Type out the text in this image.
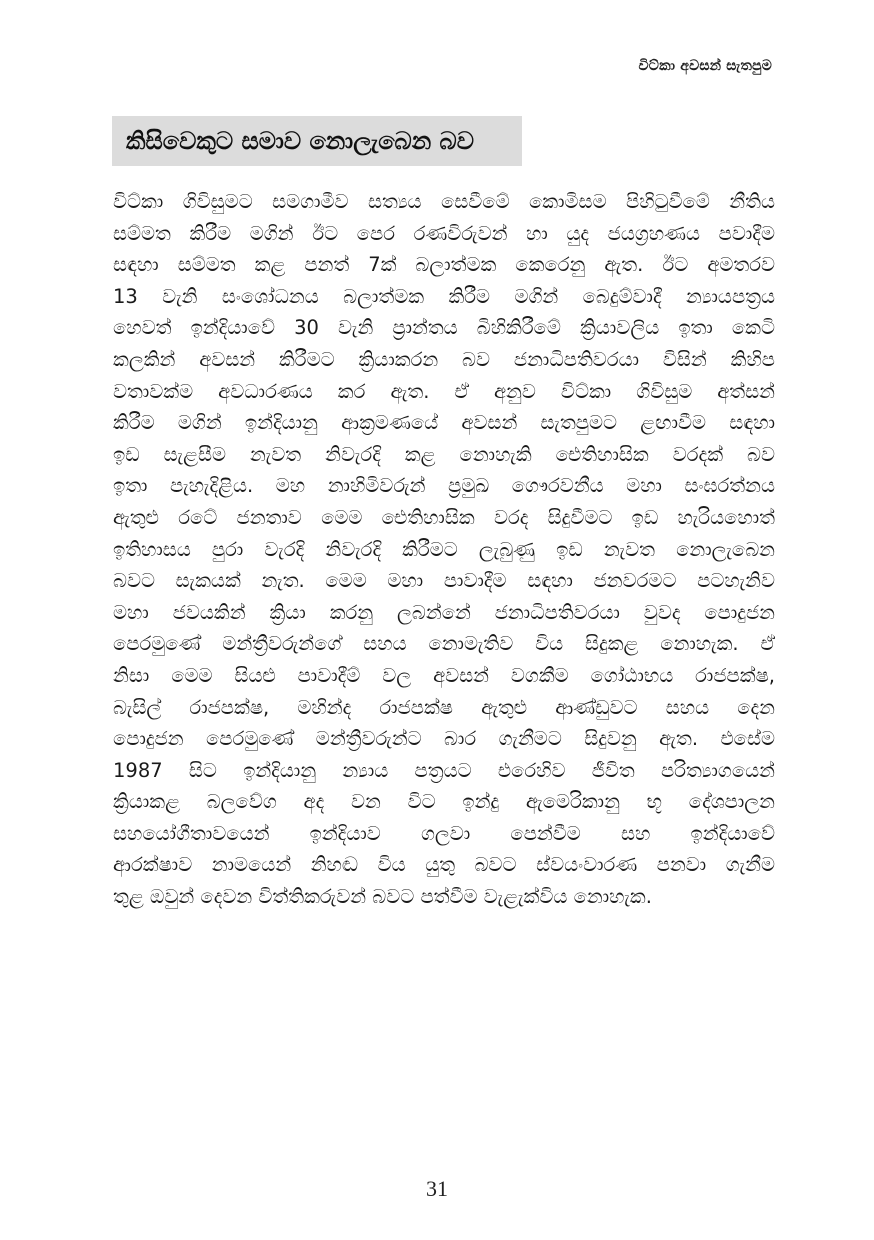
විට්කා අවසන් සැතපුම
කිසිවෙකුට සමාව නොලැබෙන බව
විට්කා ගිවිසුමට සමගාමීව සත්‍යය සෙවීමේ කොමිසම පිහිටුවීමේ නීතිය
සම්මත කිරීම මගින් ඊට පෙර රණවිරුවන් හා යුද ජයග්‍රහණය පවාදීම
සඳහා සම්මත කළ පනත් 7ක් බලාත්මක කෙරෙනු ඇත. ඊට අමතරව
13 වැනි සංශෝධනය බලාත්මක කිරීම මගින් බෙදුම්වාදී න්‍යායපත්‍රය
හෙවත් ඉන්දියාවේ 30 වැනි ප්‍රාන්තය බිහිකිරීමේ ක්‍රියාවලිය ඉතා කෙටි
කලකින් අවසන් කිරීමට ක්‍රියාකරන බව ජනාධිපතිවරයා විසින් කිහිප
වතාවක්ම අවධාරණය කර ඇත. ඒ අනුව විට්කා ගිවිසුම අත්සන්
කිරීම මගින් ඉන්දියානු ආක්‍රමණයේ අවසන් සැතපුමට ළඟාවීම සඳහා
ඉඩ සැළසීම නැවත නිවැරදි කළ නොහැකි ඓතිහාසික වරදක් බව
ඉතා පැහැදිළිය. මහ නාහිමිවරුන් ප්‍රමුඛ ගෞරවනීය මහා සංඝරත්නය
ඇතුළු රටේ ජනතාව මෙම ඓතිහාසික වරද සිදුවීමට ඉඩ හැරියහොත්
ඉතිහාසය පුරා වැරදි නිවැරදි කිරීමට ලැබුණු ඉඩ නැවත නොලැබෙන
බවට සැකයක් නැත. මෙම මහා පාවාදීම සඳහා ජනවරමට පටහැනිව
මහා ජවයකින් ක්‍රියා කරනු ලබන්නේ ජනාධිපතිවරයා වුවද පොදුජන
පෙරමුණේ මන්ත්‍රීවරුන්ගේ සහය නොමැතිව විය සිදුකළ නොහැක. ඒ
නිසා මෙම සියළු පාවාදීම් වල අවසන් වගකීම ගෝඨාභය රාජපක්ෂ,
බැසිල් රාජපක්ෂ, මහින්ද රාජපක්ෂ ඇතුළු ආණ්ඩුවට සහය දෙන
පොදුජන පෙරමුණේ මන්ත්‍රීවරුන්ට බාර ගැනීමට සිදුවනු ඇත. එසේම
1987 සිට ඉන්දියානු න්‍යාය පත්‍රයට එරෙහිව ජීවිත පරිත්‍යාගයෙන්
ක්‍රියාකළ බලවේග අද වන විට ඉන්දු ඇමෙරිකානු භූ දේශපාලන
සහයෝගීතාවයෙන් ඉන්දියාව ගලවා පෙන්වීම සහ ඉන්දියාවේ
ආරක්ෂාව නාමයෙන් නිහඬ විය යුතු බවට ස්වයංවාරණ පනවා ගැනීම
තුළ ඔවුන් දෙවන විත්තිකරුවන් බවට පත්වීම වැළැක්විය නොහැක.
31
